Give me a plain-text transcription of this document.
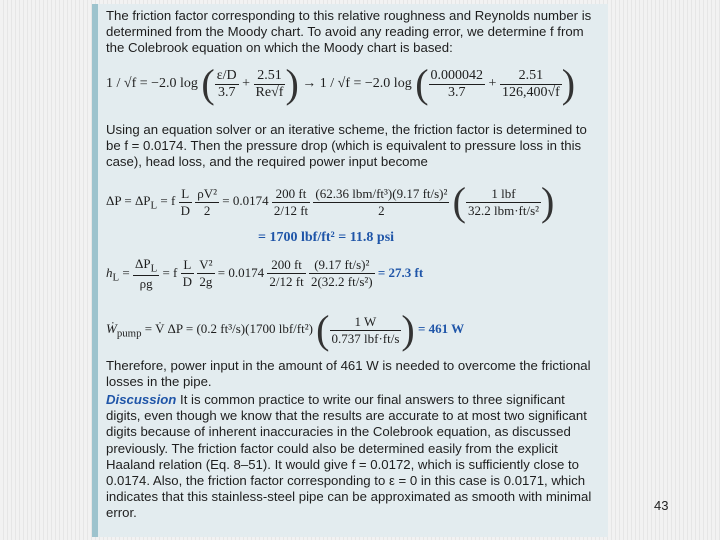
The friction factor corresponding to this relative roughness and Reynolds number is determined from the Moody chart. To avoid any reading error, we determine f from the Colebrook equation on which the Moody chart is based:

1 / √f = −2.0 log ( $\frac{\varepsilon/D}{3.7} + \frac{2.51}{Re√f}$ ) → 1 / √f = −2.0 log ( $\frac{0.000042}{3.7} + \frac{2.51}{126,400√f}$ )

Using an equation solver or an iterative scheme, the friction factor is determined to be f = 0.0174. Then the pressure drop (which is equivalent to pressure loss in this case), head loss, and the required power input become

$\Delta P = \Delta P_L = f \frac{L}{D}$
$\frac{\text{ρV²}}{2} = 0.0174 \frac{200 ft}{2/12 ft}$
$\frac{\text{(62.36 lbm/ft³)(9.17 ft/s)²}}{2}$ ( $\frac{\text{1 lbf}}{\text{32.2 lbm·ft/s²}}$ )
= 1700 lbf/ft² = 11.8 psi
$h_L = \frac{\Delta P_L}{\rho g} = f \frac{L}{D}$
$\frac{\text{V²}}{2g} = 0.0174 \frac{200 ft}{2/12 ft}$
$\frac{\text{(9.17 ft/s)²}}{\text{2(32.2 ft/s²)}} = 27.3$ ft
Ẇ$_{pump}$ = V̇ ΔP = (0.2 ft³/s)(1700 lbf/ft²) ( $\frac{1 W}{\text{0.737 lbf·ft/s}}$ ) = 461 W

Therefore, power input in the amount of 461 W is needed to overcome the frictional losses in the pipe.

Discussion It is common practice to write our final answers to three significant digits, even though we know that the results are accurate to at most two significant digits because of inherent inaccuracies in the Colebrook equation, as discussed previously. The friction factor could also be determined easily from the explicit Haaland relation (Eq. 8–51). It would give f = 0.0172, which is sufficiently close to 0.0174. Also, the friction factor corresponding to ε = 0 in this case is 0.0171, which indicates that this stainless-steel pipe can be approximated as smooth with minimal error.	43
